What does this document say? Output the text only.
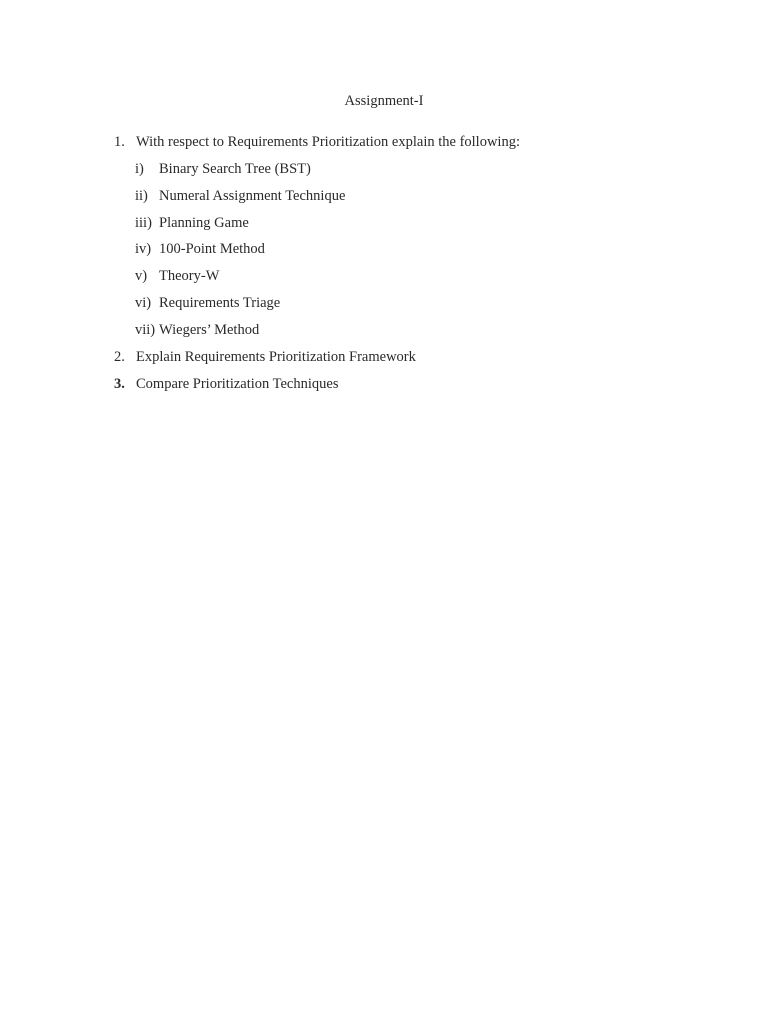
Assignment-I
1. With respect to Requirements Prioritization explain the following:
i) Binary Search Tree (BST)
ii) Numeral Assignment Technique
iii) Planning Game
iv) 100-Point Method
v) Theory-W
vi) Requirements Triage
vii) Wiegers’ Method
2. Explain Requirements Prioritization Framework
3. Compare Prioritization Techniques
